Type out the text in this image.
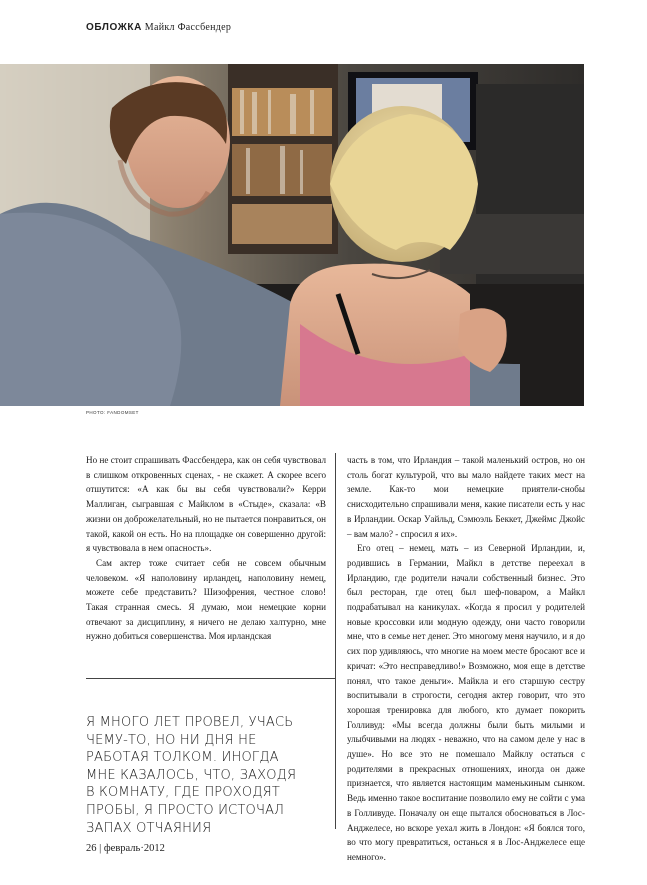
ОБЛОЖКА Майкл Фассбендер
PHOTO: FANDOMSET

Но не стоит спрашивать Фассбендера, как он себя чувствовал в слишком откровенных сценах, - не скажет. А скорее всего отшутится: «А как бы вы себя чувствовали?» Керри Маллиган, сыгравшая с Майклом в «Стыде», сказала: «В жизни он доброжелательный, но не пытается понравиться, он такой, какой он есть. Но на площадке он совершенно другой: я чувствовала в нем опасность».

Сам актер тоже считает себя не совсем обычным человеком. «Я наполовину ирландец, наполовину немец, можете себе представить? Шизофрения, честное слово! Такая странная смесь. Я думаю, мои немецкие корни отвечают за дисциплину, я ничего не делаю халтурно, мне нужно добиться совершенства. Моя ирландская

Я МНОГО ЛЕТ ПРОВЕЛ, УЧАСЬ
ЧЕМУ-ТО, НО НИ ДНЯ НЕ
РАБОТАЯ ТОЛКОМ. ИНОГДА
МНЕ КАЗАЛОСЬ, ЧТО, ЗАХОДЯ
В КОМНАТУ, ГДЕ ПРОХОДЯТ
ПРОБЫ, Я ПРОСТО ИСТОЧАЛ
ЗАПАХ ОТЧАЯНИЯ

часть в том, что Ирландия – такой маленький остров, но он столь богат культурой, что вы мало найдете таких мест на земле. Как-то мои немецкие приятели-снобы снисходительно спрашивали меня, какие писатели есть у нас в Ирландии. Оскар Уайльд, Сэмюэль Беккет, Джеймс Джойс – вам мало? - спросил я их».

Его отец – немец, мать – из Северной Ирландии, и, родившись в Германии, Майкл в детстве переехал в Ирландию, где родители начали собственный бизнес. Это был ресторан, где отец был шеф-поваром, а Майкл подрабатывал на каникулах. «Когда я просил у родителей новые кроссовки или модную одежду, они часто говорили мне, что в семье нет денег. Это многому меня научило, и я до сих пор удивляюсь, что многие на моем месте бросают все и кричат: «Это несправедливо!» Возможно, моя еще в детстве понял, что такое деньги». Майкла и его старшую сестру воспитывали в строгости, сегодня актер говорит, что это хорошая тренировка для любого, кто думает покорить Голливуд: «Мы всегда должны были быть милыми и улыбчивыми на людях - неважно, что на самом деле у нас в душе». Но все это не помешало Майклу остаться с родителями в прекрасных отношениях, иногда он даже признается, что является настоящим маменькиным сынком. Ведь именно такое воспитание позволило ему не сойти с ума в Голливуде. Поначалу он еще пытался обосноваться в Лос-Анджелесе, но вскоре уехал жить в Лондон: «Я боялся того, во что могу превратиться, останься я в Лос-Анджелесе еще немного».

26 | февраль·2012
